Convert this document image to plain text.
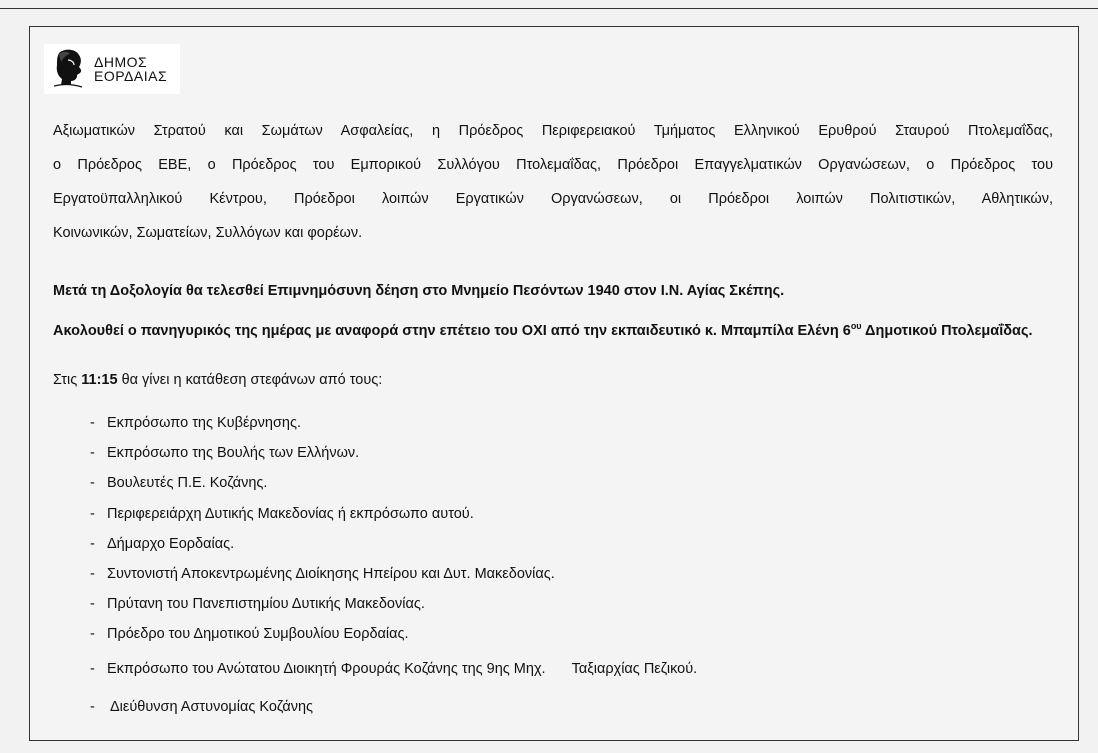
ΔΗΜΟΣ
ΕΟΡΔΑΙΑΣ

Αξιωματικών Στρατού και Σωμάτων Ασφαλείας, η Πρόεδρος Περιφερειακού Τμήματος Ελληνικού Ερυθρού Σταυρού Πτολεμαΐδας,

ο Πρόεδρος ΕΒΕ, ο Πρόεδρος του Εμπορικού Συλλόγου Πτολεμαΐδας, Πρόεδροι Επαγγελματικών Οργανώσεων, ο Πρόεδρος του

Εργατοϋπαλληλικού Κέντρου, Πρόεδροι λοιπών Εργατικών Οργανώσεων, οι Πρόεδροι λοιπών Πολιτιστικών, Αθλητικών,

Κοινωνικών, Σωματείων, Συλλόγων και φορέων.

Μετά τη Δοξολογία θα τελεσθεί Επιμνημόσυνη δέηση στο Μνημείο Πεσόντων 1940 στον Ι.Ν. Αγίας Σκέπης.

Ακολουθεί ο πανηγυρικός της ημέρας με αναφορά στην επέτειο του ΟΧΙ από την εκπαιδευτικό κ. Μπαμπίλα Ελένη $6^{o\upsilon}$ Δημοτικού Πτολεμαΐδας.

Στις 11:15 θα γίνει η κατάθεση στεφάνων από τους:

- Εκπρόσωπο της Κυβέρνησης.
- Εκπρόσωπο της Βουλής των Ελλήνων.
- Βουλευτές Π.Ε. Κοζάνης.
- Περιφερειάρχη Δυτικής Μακεδονίας ή εκπρόσωπο αυτού.
- Δήμαρχο Εορδαίας.
- Συντονιστή Αποκεντρωμένης Διοίκησης Ηπείρου και Δυτ. Μακεδονίας.
- Πρύτανη του Πανεπιστημίου Δυτικής Μακεδονίας.
- Πρόεδρο του Δημοτικού Συμβουλίου Εορδαίας.
- Εκπρόσωπο του Ανώτατου Διοικητή Φρουράς Κοζάνης της 9ης Μηχ. Ταξιαρχίας Πεζικού.
-	Διεύθυνση Αστυνομίας Κοζάνης
